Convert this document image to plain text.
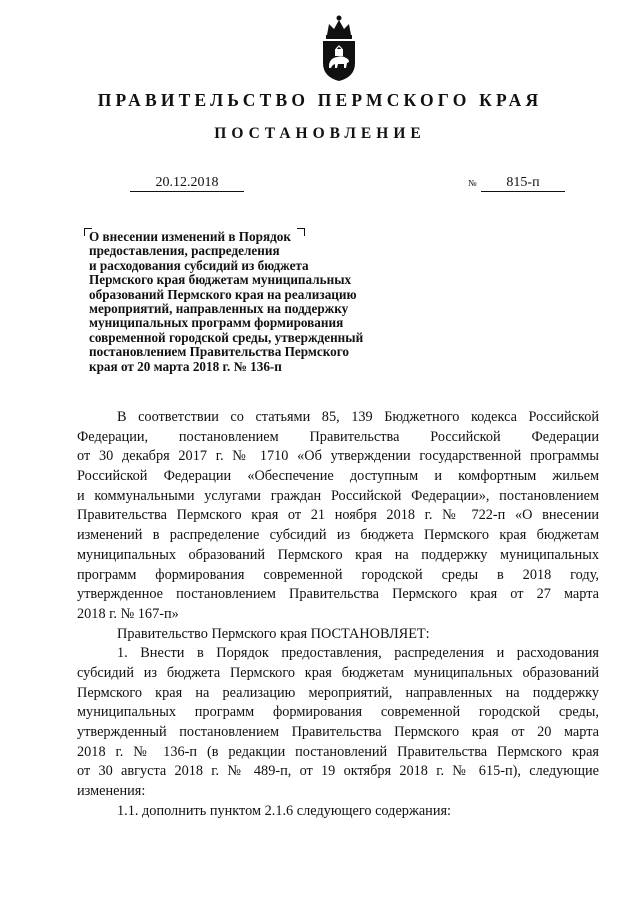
ПРАВИТЕЛЬСТВО ПЕРМСКОГО КРАЯ
ПОСТАНОВЛЕНИЕ
20.12.2018	№	815-п
О внесении изменений в Порядок
предоставления, распределения
и расходования субсидий из бюджета
Пермского края бюджетам муниципальных
образований Пермского края на реализацию
мероприятий, направленных на поддержку
муниципальных программ формирования
современной городской среды, утвержденный
постановлением Правительства Пермского
края от 20 марта 2018 г. № 136-п
В соответствии со статьями 85, 139 Бюджетного кодекса Российской
Федерации, постановлением Правительства Российской Федерации
от 30 декабря 2017 г. № 1710 «Об утверждении государственной программы
Российской Федерации «Обеспечение доступным и комфортным жильем
и коммунальными услугами граждан Российской Федерации», постановлением
Правительства Пермского края от 21 ноября 2018 г. № 722-п «О внесении
изменений в распределение субсидий из бюджета Пермского края бюджетам
муниципальных образований Пермского края на поддержку муниципальных
программ формирования современной городской среды в 2018 году,
утвержденное постановлением Правительства Пермского края от 27 марта
2018 г. № 167-п»
Правительство Пермского края ПОСТАНОВЛЯЕТ:
1. Внести в Порядок предоставления, распределения и расходования
субсидий из бюджета Пермского края бюджетам муниципальных образований
Пермского края на реализацию мероприятий, направленных на поддержку
муниципальных программ формирования современной городской среды,
утвержденный постановлением Правительства Пермского края от 20 марта
2018 г. № 136-п (в редакции постановлений Правительства Пермского края
от 30 августа 2018 г. № 489-п, от 19 октября 2018 г. № 615-п), следующие
изменения:
1.1. дополнить пунктом 2.1.6 следующего содержания:
